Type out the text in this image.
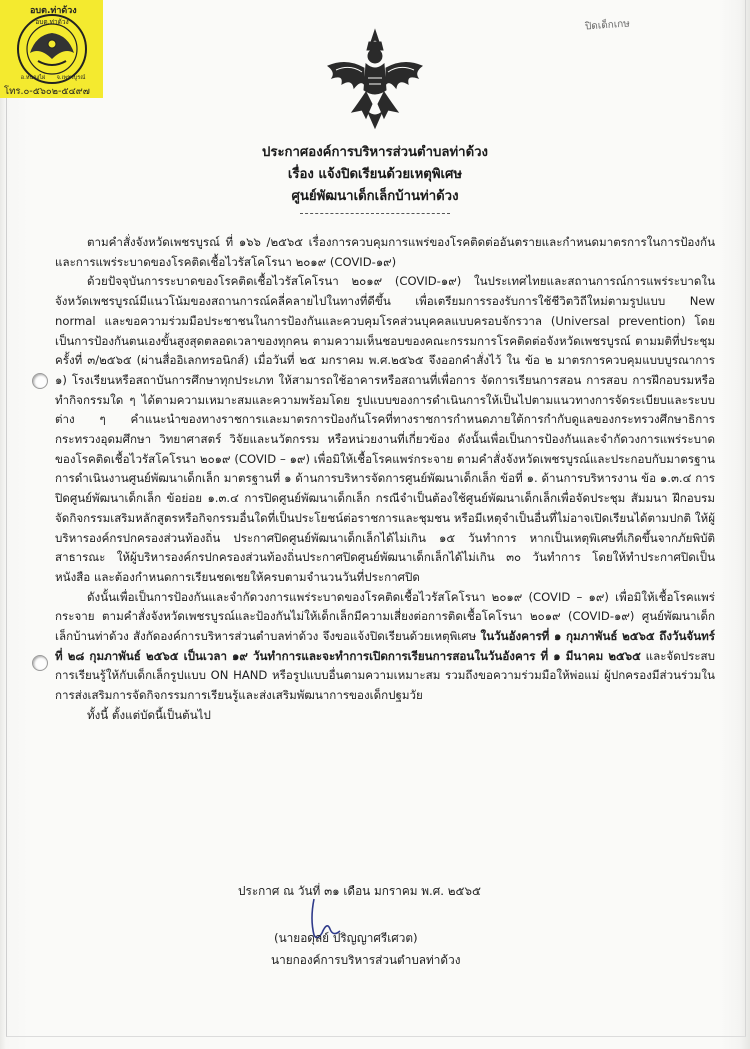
อบต.ท่าด้วง
อบต.ท่าด้วง
อ.หนองไผ่ จ.เพชรบูรณ์
โทร.๐-๕๖๐๒-๕๔๙๗
ปิดเด็กเกษ
ประกาศองค์การบริหารส่วนตำบลท่าด้วง
เรื่อง แจ้งปิดเรียนด้วยเหตุพิเศษ
ศูนย์พัฒนาเด็กเล็กบ้านท่าด้วง

ตามคำสั่งจังหวัดเพชรบูรณ์ ที่ ๑๖๖ /๒๕๖๕ เรื่องการควบคุมการแพร่ของโรคติดต่ออันตรายและกำหนดมาตรการในการป้องกัน และการแพร่ระบาดของโรคติดเชื้อไวรัสโคโรนา ๒๐๑๙ (COVID-๑๙)

ด้วยปัจจุบันการระบาดของโรคติดเชื้อไวรัสโคโรนา ๒๐๑๙ (COVID-๑๙) ในประเทศไทยและสถานการณ์การแพร่ระบาดในจังหวัดเพชรบูรณ์มีแนวโน้มของสถานการณ์คลี่คลายไปในทางที่ดีขึ้น เพื่อเตรียมการรองรับการใช้ชีวิตวิถีใหม่ตามรูปแบบ New normal และขอความร่วมมือประชาชนในการป้องกันและควบคุมโรคส่วนบุคคลแบบครอบจักรวาล (Universal prevention) โดยเป็นการป้องกันตนเองขั้นสูงสุดตลอดเวลาของทุกคน ตามความเห็นชอบของคณะกรรมการโรคติดต่อจังหวัดเพชรบูรณ์ ตามมติที่ประชุมครั้งที่ ๓/๒๕๖๕ (ผ่านสื่ออิเลกทรอนิกส์) เมื่อวันที่ ๒๕ มกราคม พ.ศ.๒๕๖๕ จึงออกคำสั่งไว้ ใน ข้อ ๒ มาตรการควบคุมแบบบูรณาการ ๑) โรงเรียนหรือสถาบันการศึกษาทุกประเภท ให้สามารถใช้อาคารหรือสถานที่เพื่อการ จัดการเรียนการสอน การสอบ การฝึกอบรมหรือทำกิจกรรมใด ๆ ได้ตามความเหมาะสมและความพร้อมโดย รูปแบบของการดำเนินการให้เป็นไปตามแนวทางการจัดระเบียบและระบบต่าง ๆ คำแนะนำของทางราชการและมาตรการป้องกันโรคที่ทางราชการกำหนดภายใต้การกำกับดูแลของกระทรวงศึกษาธิการ กระทรวงอุดมศึกษา วิทยาศาสตร์ วิจัยและนวัตกรรม หรือหน่วยงานที่เกี่ยวข้อง ดังนั้นเพื่อเป็นการป้องกันและจำกัดวงการแพร่ระบาดของโรคติดเชื้อไวรัสโคโรนา ๒๐๑๙ (COVID – ๑๙) เพื่อมิให้เชื้อโรคแพร่กระจาย ตามคำสั่งจังหวัดเพชรบูรณ์และประกอบกับมาตรฐานการดำเนินงานศูนย์พัฒนาเด็กเล็ก มาตรฐานที่ ๑ ด้านการบริหารจัดการศูนย์พัฒนาเด็กเล็ก ข้อที่ ๑. ด้านการบริหารงาน ข้อ ๑.๓.๔ การปิดศูนย์พัฒนาเด็กเล็ก ข้อย่อย ๑.๓.๔ การปิดศูนย์พัฒนาเด็กเล็ก กรณีจำเป็นต้องใช้ศูนย์พัฒนาเด็กเล็กเพื่อจัดประชุม สัมมนา ฝึกอบรม จัดกิจกรรมเสริมหลักสูตรหรือกิจกรรมอื่นใดที่เป็นประโยชน์ต่อราชการและชุมชน หรือมีเหตุจำเป็นอื่นที่ไม่อาจเปิดเรียนได้ตามปกติ ให้ผู้บริหารองค์กรปกครองส่วนท้องถิ่น ประกาศปิดศูนย์พัฒนาเด็กเล็กได้ไม่เกิน ๑๕ วันทำการ หากเป็นเหตุพิเศษที่เกิดขึ้นจากภัยพิบัติสาธารณะ ให้ผู้บริหารองค์กรปกครองส่วนท้องถิ่นประกาศปิดศูนย์พัฒนาเด็กเล็กได้ไม่เกิน ๓๐ วันทำการ โดยให้ทำประกาศปิดเป็นหนังสือ และต้องกำหนดการเรียนชดเชยให้ครบตามจำนวนวันที่ประกาศปิด

ดังนั้นเพื่อเป็นการป้องกันและจำกัดวงการแพร่ระบาดของโรคติดเชื้อไวรัสโคโรนา ๒๐๑๙ (COVID – ๑๙) เพื่อมิให้เชื้อโรคแพร่กระจาย ตามคำสั่งจังหวัดเพชรบูรณ์และป้องกันไม่ให้เด็กเล็กมีความเสี่ยงต่อการติดเชื้อโคโรนา ๒๐๑๙ (COVID-๑๙) ศูนย์พัฒนาเด็กเล็กบ้านท่าด้วง สังกัดองค์การบริหารส่วนตำบลท่าด้วง จึงขอแจ้งปิดเรียนด้วยเหตุพิเศษ ในวันอังคารที่ ๑ กุมภาพันธ์ ๒๕๖๕ ถึงวันจันทร์ที่ ๒๘ กุมภาพันธ์ ๒๕๖๕ เป็นเวลา ๑๙ วันทำการและจะทำการเปิดการเรียนการสอนในวันอังคาร ที่ ๑ มีนาคม ๒๕๖๕ และจัดประสบการเรียนรู้ให้กับเด็กเล็กรูปแบบ ON HAND หรือรูปแบบอื่นตามความเหมาะสม รวมถึงขอความร่วมมือให้พ่อแม่ ผู้ปกครองมีส่วนร่วมในการส่งเสริมการจัดกิจกรรมการเรียนรู้และส่งเสริมพัฒนาการของเด็กปฐมวัย

ทั้งนี้ ตั้งแต่บัดนี้เป็นต้นไป

ประกาศ ณ วันที่ ๓๑ เดือน มกราคม พ.ศ. ๒๕๖๕
(นายอดุลย์ ปริญญาศรีเศวต)
นายกองค์การบริหารส่วนตำบลท่าด้วง
